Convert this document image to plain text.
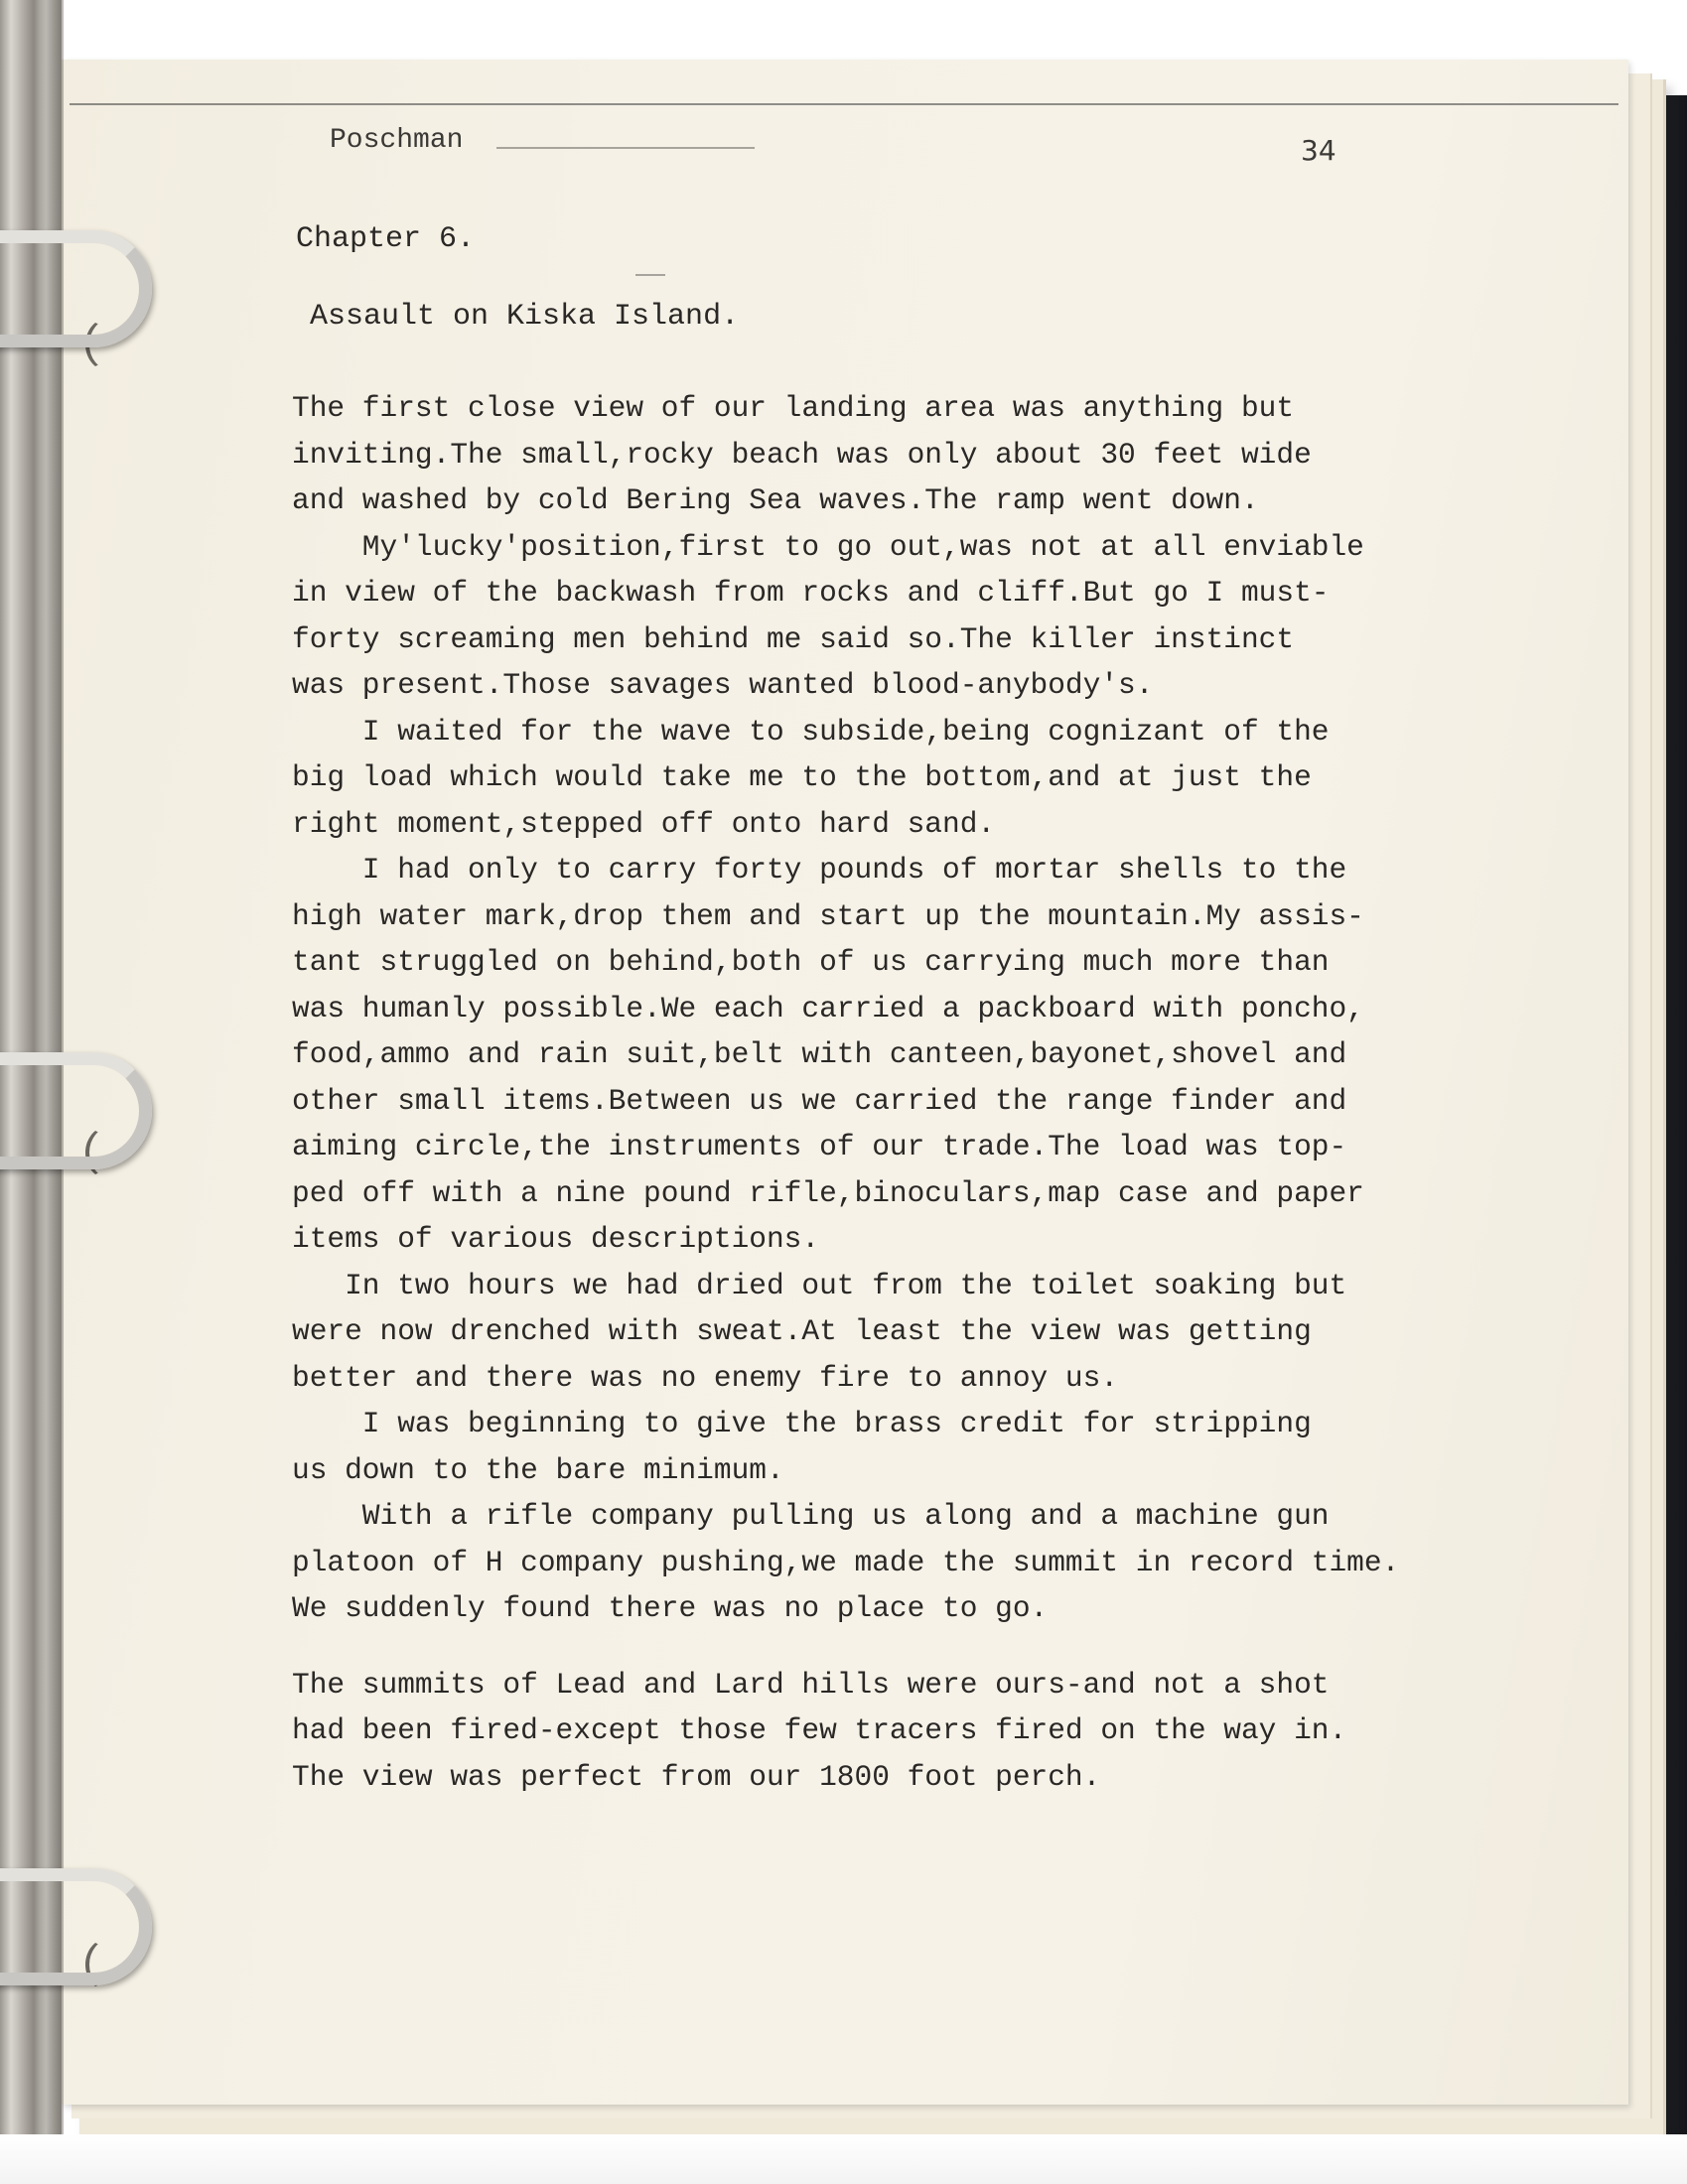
Poschman	34
Chapter 6.
Assault on Kiska Island.
The first close view of our landing area was anything but
inviting.The small,rocky beach was only about 30 feet wide
and washed by cold Bering Sea waves.The ramp went down.
My'lucky'position,first to go out,was not at all enviable
in view of the backwash from rocks and cliff.But go I must-
forty screaming men behind me said so.The killer instinct
was present.Those savages wanted blood-anybody's.
I waited for the wave to subside,being cognizant of the
big load which would take me to the bottom,and at just the
right moment,stepped off onto hard sand.
I had only to carry forty pounds of mortar shells to the
high water mark,drop them and start up the mountain.My assis-
tant struggled on behind,both of us carrying much more than
was humanly possible.We each carried a packboard with poncho,
food,ammo and rain suit,belt with canteen,bayonet,shovel and
other small items.Between us we carried the range finder and
aiming circle,the instruments of our trade.The load was top-
ped off with a nine pound rifle,binoculars,map case and paper
items of various descriptions.
In two hours we had dried out from the toilet soaking but
were now drenched with sweat.At least the view was getting
better and there was no enemy fire to annoy us.
I was beginning to give the brass credit for stripping
us down to the bare minimum.
With a rifle company pulling us along and a machine gun
platoon of H company pushing,we made the summit in record time.
We suddenly found there was no place to go.
The summits of Lead and Lard hills were ours-and not a shot
had been fired-except those few tracers fired on the way in.
The view was perfect from our 1800 foot perch.
